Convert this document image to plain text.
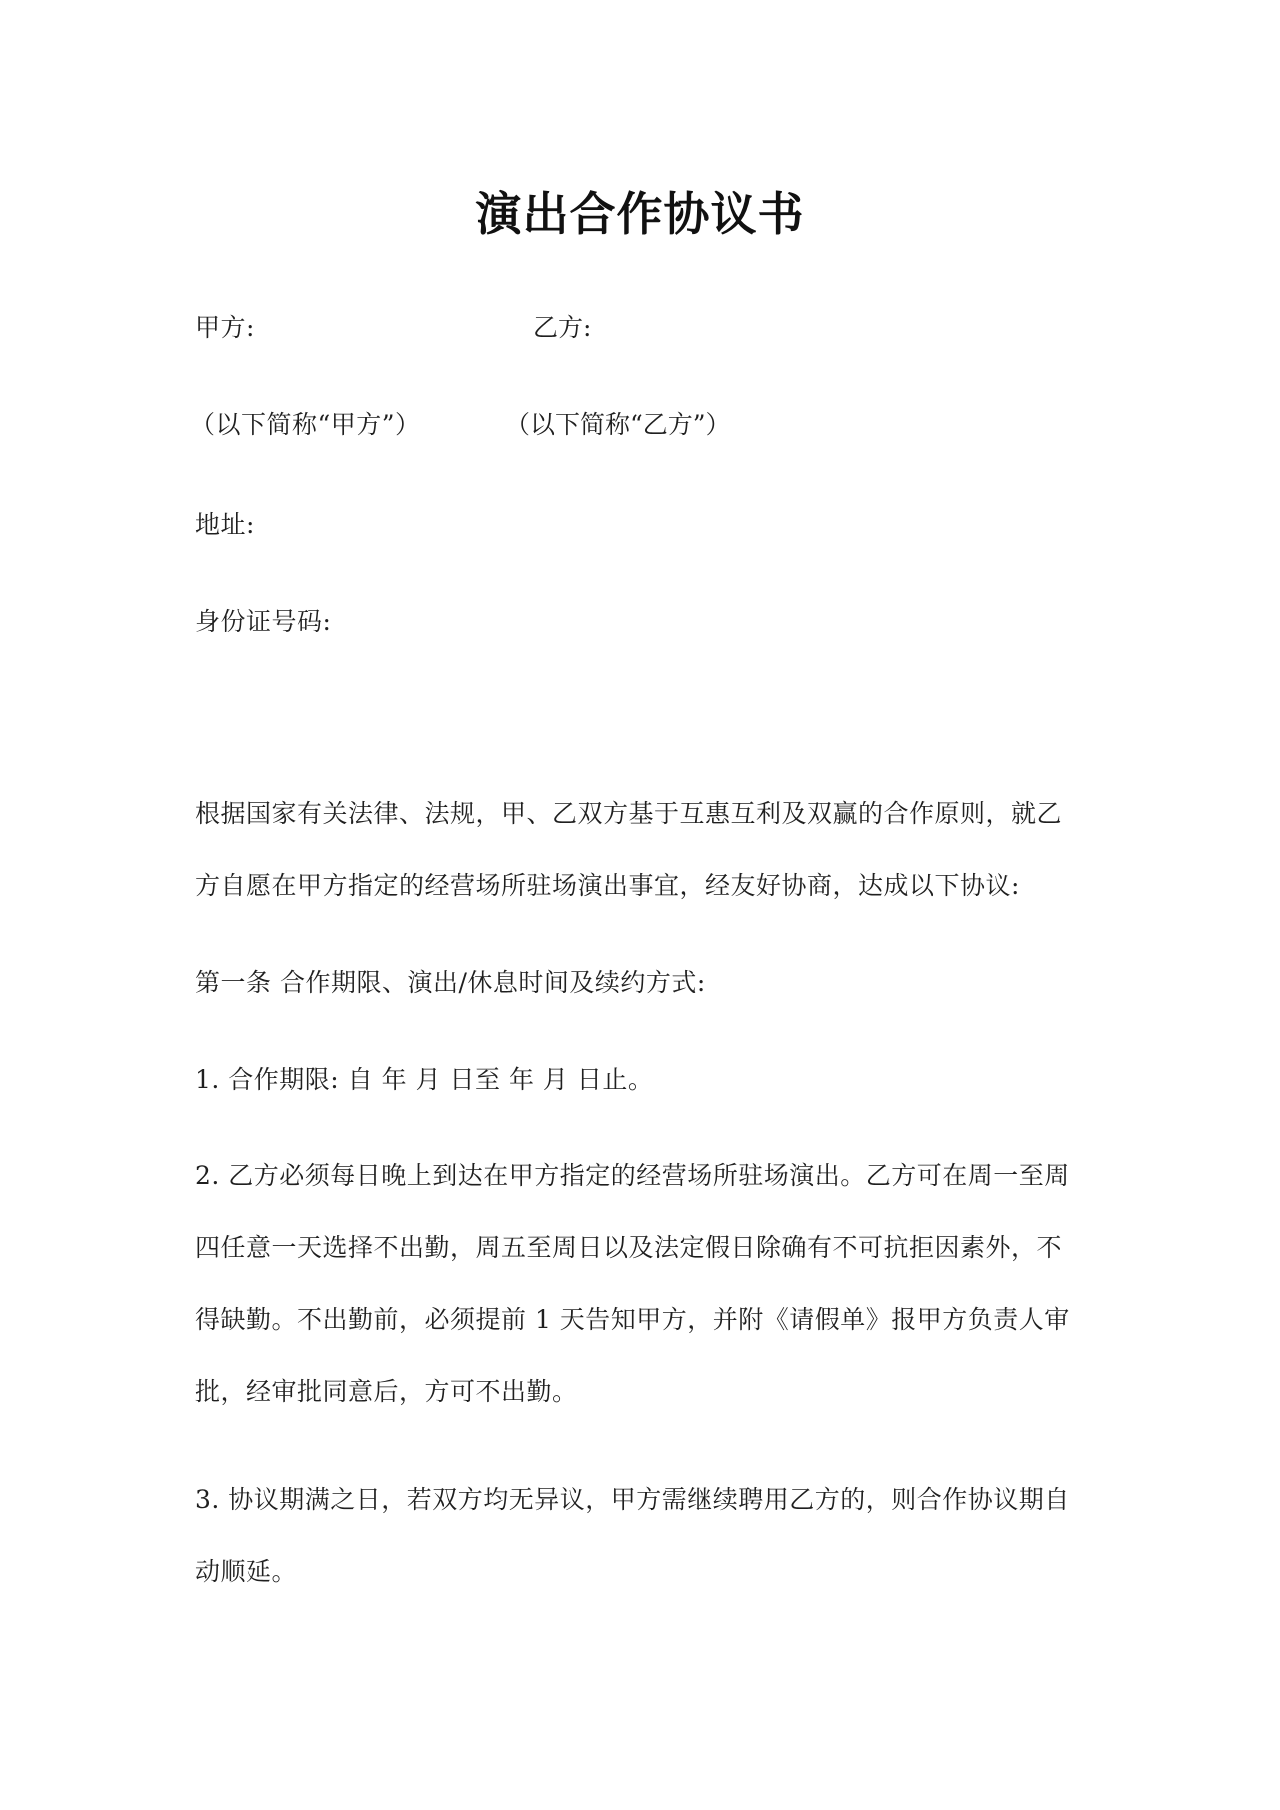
演出合作协议书
甲方:	乙方:
（以下简称“甲方”）	（以下简称“乙方”）
地址:
身份证号码:
根据国家有关法律、法规，甲、乙双方基于互惠互利及双赢的合作原则，就乙
方自愿在甲方指定的经营场所驻场演出事宜，经友好协商，达成以下协议:
第一条 合作期限、演出/休息时间及续约方式:
1. 合作期限: 自 年 月 日至 年 月 日止。
2. 乙方必须每日晚上到达在甲方指定的经营场所驻场演出。乙方可在周一至周
四任意一天选择不出勤，周五至周日以及法定假日除确有不可抗拒因素外，不
得缺勤。不出勤前，必须提前 1 天告知甲方，并附《请假单》报甲方负责人审
批，经审批同意后，方可不出勤。
3. 协议期满之日，若双方均无异议，甲方需继续聘用乙方的，则合作协议期自
动顺延。
